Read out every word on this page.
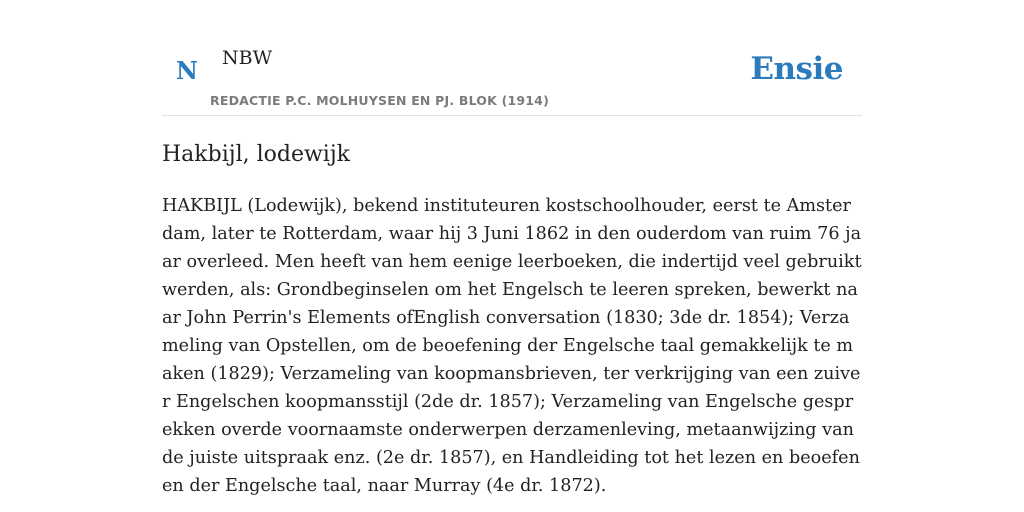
N NBW
REDACTIE P.C. MOLHUYSEN EN PJ. BLOK (1914)
Ensie
Hakbijl, lodewijk

HAKBIJL (Lodewijk), bekend instituteuren kostschoolhouder, eerst te Amsterdam, later te Rotterdam, waar hij 3 Juni 1862 in den ouderdom van ruim 76 jaar overleed. Men heeft van hem eenige leerboeken, die indertijd veel gebruikt werden, als: Grondbeginselen om het Engelsch te leeren spreken, bewerkt naar John Perrin's Elements ofEnglish conversation (1830; 3de dr. 1854); Verzameling van Opstellen, om de beoefening der Engelsche taal gemakkelijk te maken (1829); Verzameling van koopmansbrieven, ter verkrijging van een zuiver Engelschen koopmansstijl (2de dr. 1857); Verzameling van Engelsche gesprekken overde voornaamste onderwerpen derzamenleving, metaanwijzing van de juiste uitspraak enz. (2e dr. 1857), en Handleiding tot het lezen en beoefenen der Engelsche taal, naar Murray (4e dr. 1872).
